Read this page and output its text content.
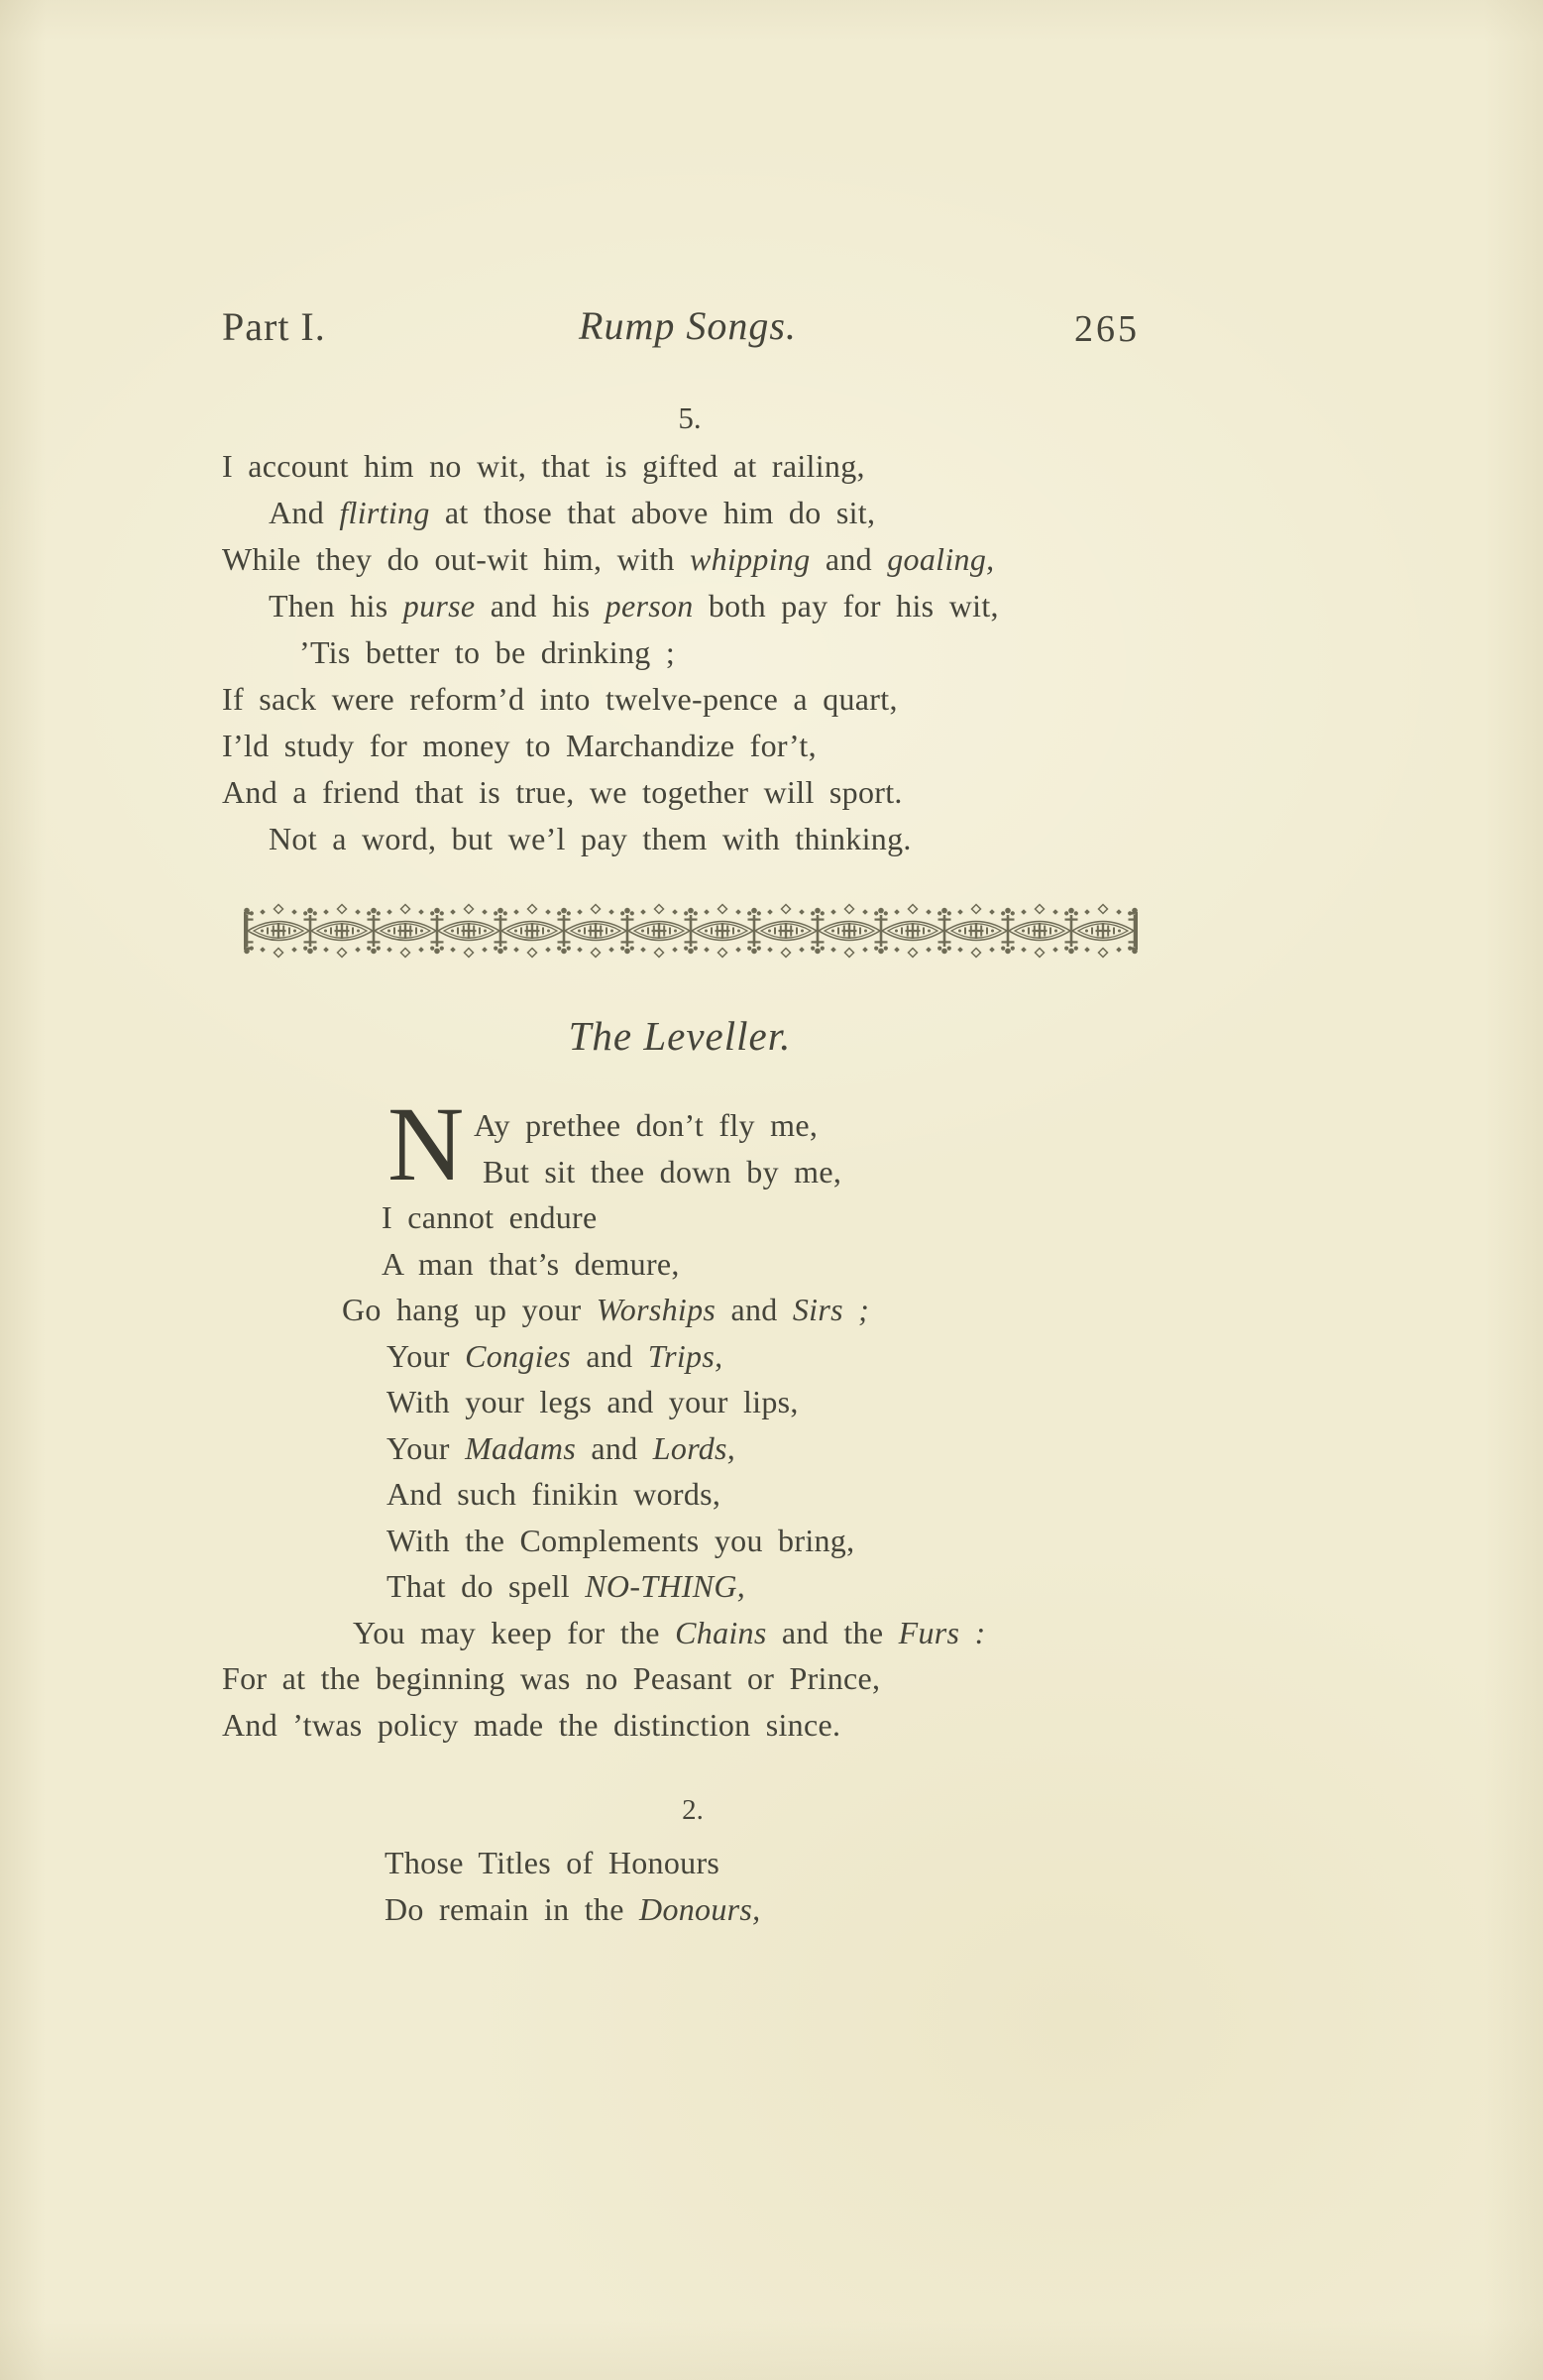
Part I.	Rump Songs.	265
5.
I account him no wit, that is gifted at railing,
And flirting at those that above him do sit,
While they do out-wit him, with whipping and goaling,
Then his purse and his person both pay for his wit,
’Tis better to be drinking ;
If sack were reform’d into twelve-pence a quart,
I’ld study for money to Marchandize for’t,
And a friend that is true, we together will sport.
Not a word, but we’l pay them with thinking.
The Leveller.
N Ay prethee don’t fly me,
But sit thee down by me,
I cannot endure
A man that’s demure,
Go hang up your Worships and Sirs ;
Your Congies and Trips,
With your legs and your lips,
Your Madams and Lords,
And such finikin words,
With the Complements you bring,
That do spell NO-THING,
You may keep for the Chains and the Furs :
For at the beginning was no Peasant or Prince,
And ’twas policy made the distinction since.
2.
Those Titles of Honours
Do remain in the Donours,
